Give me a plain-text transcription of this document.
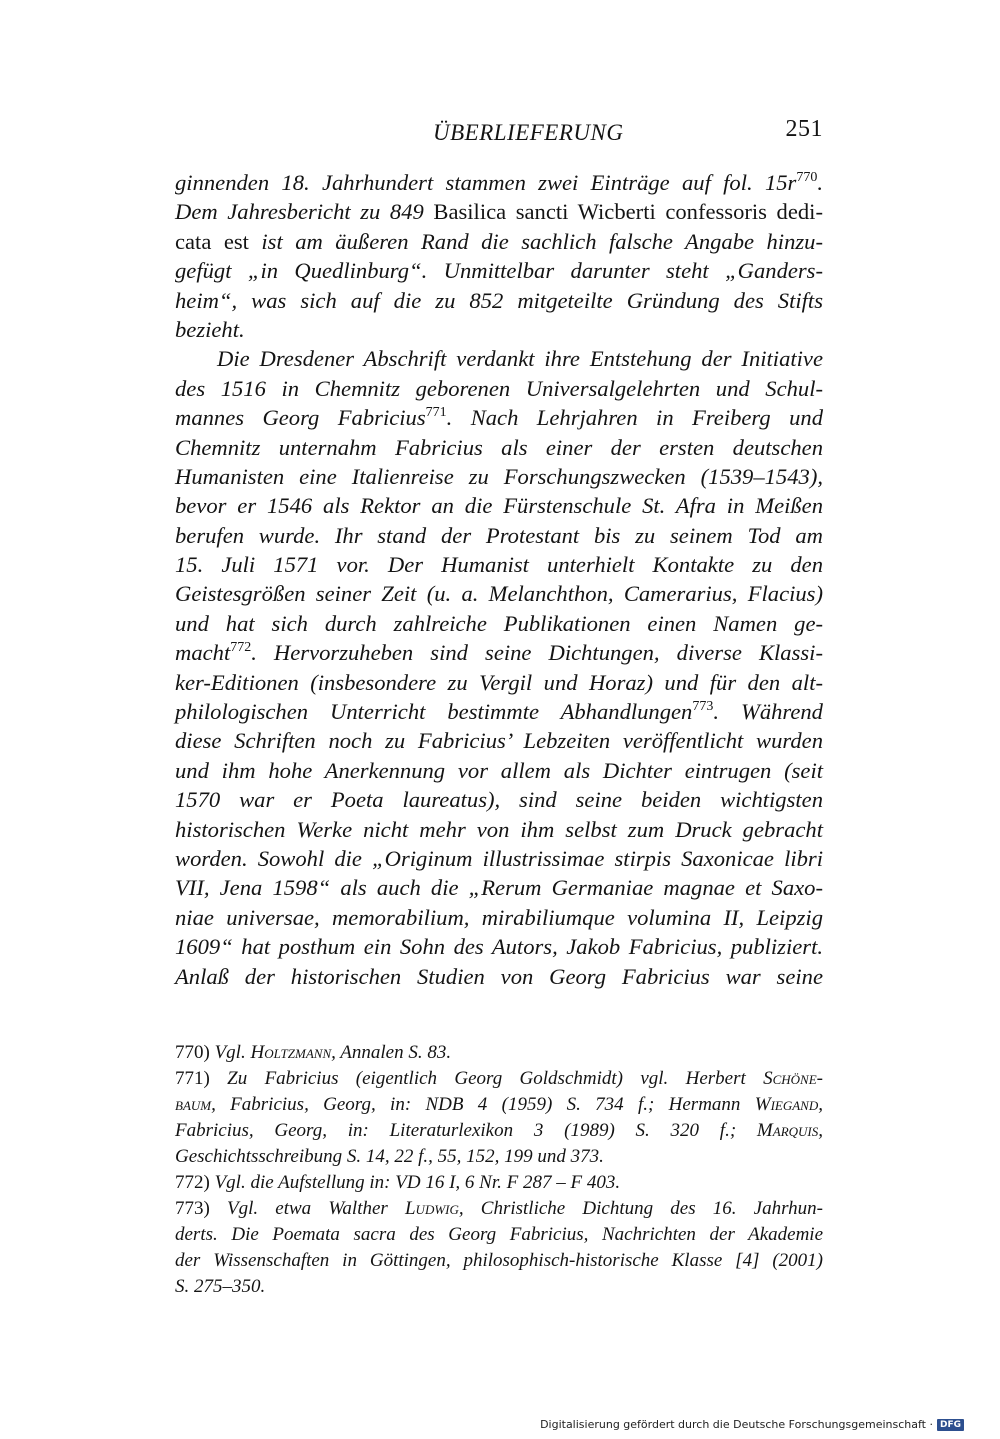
ÜBERLIEFERUNG	251
ginnenden 18. Jahrhundert stammen zwei Einträge auf fol. $15r^{770}$.
Dem Jahresbericht zu 849 Basilica sancti Wicberti confessoris dedi-
cata est ist am äußeren Rand die sachlich falsche Angabe hinzu-
gefügt „in Quedlinburg“. Unmittelbar darunter steht „Ganders-
heim“, was sich auf die zu 852 mitgeteilte Gründung des Stifts
bezieht.
Die Dresdener Abschrift verdankt ihre Entstehung der Initiative
des 1516 in Chemnitz geborenen Universalgelehrten und Schul-
mannes Georg Fabricius$^{771}$. Nach Lehrjahren in Freiberg und
Chemnitz unternahm Fabricius als einer der ersten deutschen
Humanisten eine Italienreise zu Forschungszwecken (1539–1543),
bevor er 1546 als Rektor an die Fürstenschule St. Afra in Meißen
berufen wurde. Ihr stand der Protestant bis zu seinem Tod am
15. Juli 1571 vor. Der Humanist unterhielt Kontakte zu den
Geistesgrößen seiner Zeit (u. a. Melanchthon, Camerarius, Flacius)
und hat sich durch zahlreiche Publikationen einen Namen ge-
macht$^{772}$. Hervorzuheben sind seine Dichtungen, diverse Klassi-
ker-Editionen (insbesondere zu Vergil und Horaz) und für den alt-
philologischen Unterricht bestimmte Abhandlungen$^{773}$. Während
diese Schriften noch zu Fabricius’ Lebzeiten veröffentlicht wurden
und ihm hohe Anerkennung vor allem als Dichter eintrugen (seit
1570 war er Poeta laureatus), sind seine beiden wichtigsten
historischen Werke nicht mehr von ihm selbst zum Druck gebracht
worden. Sowohl die „Originum illustrissimae stirpis Saxonicae libri
VII, Jena 1598“ als auch die „Rerum Germaniae magnae et Saxo-
niae universae, memorabilium, mirabiliumque volumina II, Leipzig
1609“ hat posthum ein Sohn des Autors, Jakob Fabricius, publiziert.
Anlaß der historischen Studien von Georg Fabricius war seine
770) Vgl. Holtzmann, Annalen S. 83.
771) Zu Fabricius (eigentlich Georg Goldschmidt) vgl. Herbert Schöne-
baum, Fabricius, Georg, in: NDB 4 (1959) S. 734 f.; Hermann Wiegand,
Fabricius, Georg, in: Literaturlexikon 3 (1989) S. 320 f.; Marquis,
Geschichtsschreibung S. 14, 22 f., 55, 152, 199 und 373.
772) Vgl. die Aufstellung in: VD 16 I, 6 Nr. F 287 – F 403.
773) Vgl. etwa Walther Ludwig, Christliche Dichtung des 16. Jahrhun-
derts. Die Poemata sacra des Georg Fabricius, Nachrichten der Akademie
der Wissenschaften in Göttingen, philosophisch-historische Klasse [4] (2001)
S. 275–350.
Digitalisierung gefördert durch die Deutsche Forschungsgemeinschaft · DFG
